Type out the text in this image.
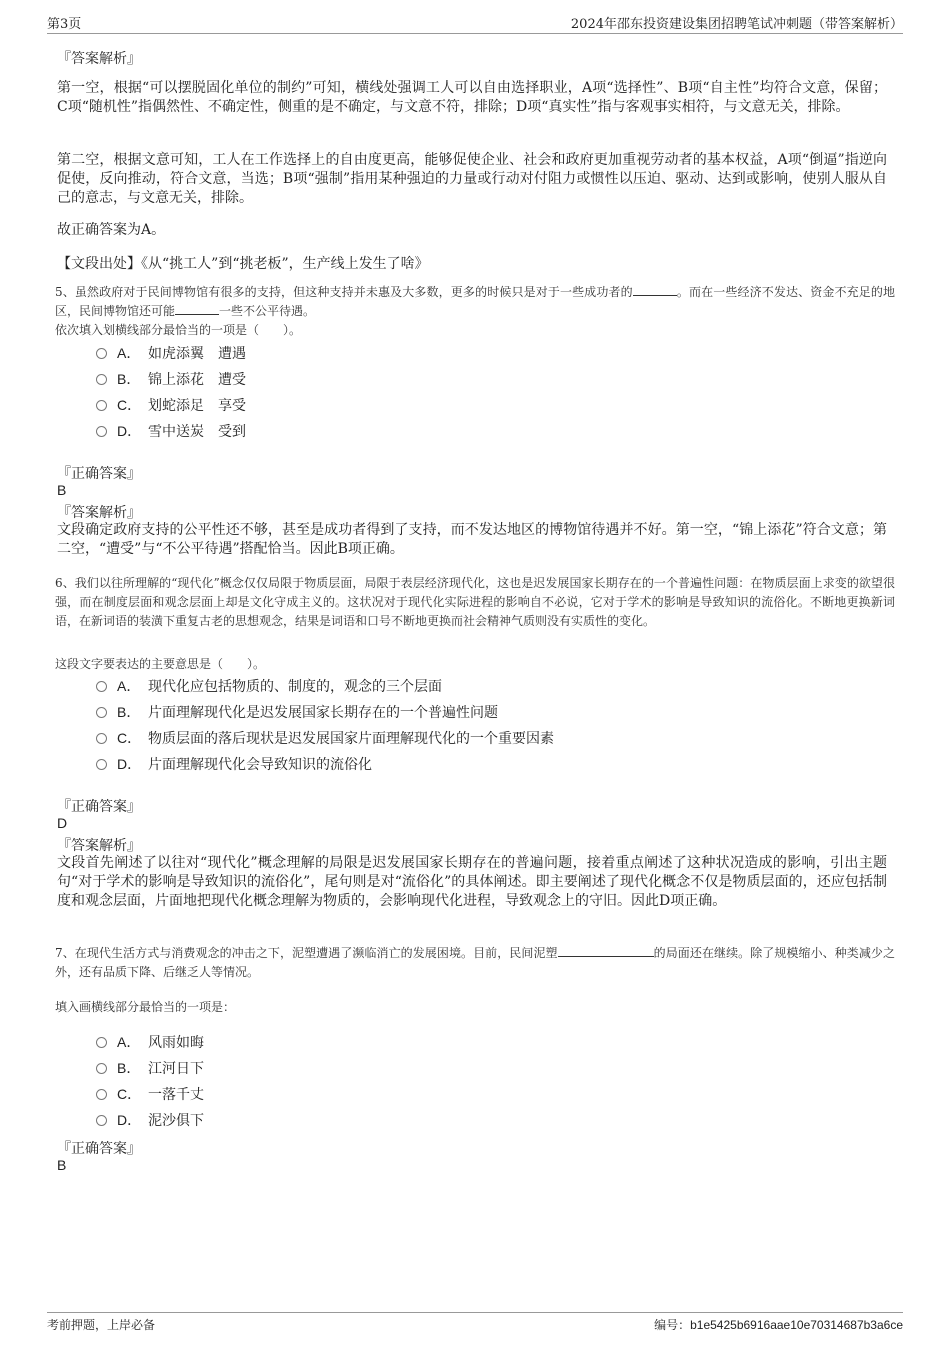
第3页	2024年邵东投资建设集团招聘笔试冲刺题（带答案解析）
『答案解析』
第一空，根据“可以摆脱固化单位的制约”可知，横线处强调工人可以自由选择职业，A项“选择性”、B项“自主性”均符合文意，保留；C项“随机性”指偶然性、不确定性，侧重的是不确定，与文意不符，排除；D项“真实性”指与客观事实相符，与文意无关，排除。
第二空，根据文意可知，工人在工作选择上的自由度更高，能够促使企业、社会和政府更加重视劳动者的基本权益，A项“倒逼”指逆向促使，反向推动，符合文意，当选；B项“强制”指用某种强迫的力量或行动对付阻力或惯性以压迫、驱动、达到或影响，使别人服从自己的意志，与文意无关，排除。
故正确答案为A。
【文段出处】《从“挑工人”到“挑老板”，生产线上发生了啥》
5、虽然政府对于民间博物馆有很多的支持，但这种支持并未惠及大多数，更多的时候只是对于一些成功者的	。而在一些经济不发达、资金不充足的地区，民间博物馆还可能	一些不公平待遇。
依次填入划横线部分最恰当的一项是（　　）。
A． 如虎添翼　遭遇
B． 锦上添花　遭受
C． 划蛇添足　享受
D． 雪中送炭　受到
『正确答案』
B
『答案解析』
文段确定政府支持的公平性还不够，甚至是成功者得到了支持，而不发达地区的博物馆待遇并不好。第一空，“锦上添花”符合文意；第二空，“遭受”与“不公平待遇”搭配恰当。因此B项正确。
6、我们以往所理解的“现代化”概念仅仅局限于物质层面，局限于表层经济现代化，这也是迟发展国家长期存在的一个普遍性问题：在物质层面上求变的欲望很强，而在制度层面和观念层面上却是文化守成主义的。这状况对于现代化实际进程的影响自不必说，它对于学术的影响是导致知识的流俗化。不断地更换新词语，在新词语的装潢下重复古老的思想观念，结果是词语和口号不断地更换而社会精神气质则没有实质性的变化。
这段文字要表达的主要意思是（　　）。
A． 现代化应包括物质的、制度的，观念的三个层面
B． 片面理解现代化是迟发展国家长期存在的一个普遍性问题
C． 物质层面的落后现状是迟发展国家片面理解现代化的一个重要因素
D． 片面理解现代化会导致知识的流俗化
『正确答案』
D
『答案解析』
文段首先阐述了以往对“现代化”概念理解的局限是迟发展国家长期存在的普遍问题，接着重点阐述了这种状况造成的影响，引出主题句“对于学术的影响是导致知识的流俗化”，尾句则是对“流俗化”的具体阐述。即主要阐述了现代化概念不仅是物质层面的，还应包括制度和观念层面，片面地把现代化概念理解为物质的，会影响现代化进程，导致观念上的守旧。因此D项正确。
7、在现代生活方式与消费观念的冲击之下，泥塑遭遇了濒临消亡的发展困境。目前，民间泥塑	的局面还在继续。除了规模缩小、种类减少之外，还有品质下降、后继乏人等情况。
填入画横线部分最恰当的一项是：
A． 风雨如晦
B． 江河日下
C． 一落千丈
D． 泥沙俱下
『正确答案』
B
考前押题，上岸必备	编号：b1e5425b6916aae10e70314687b3a6ce
